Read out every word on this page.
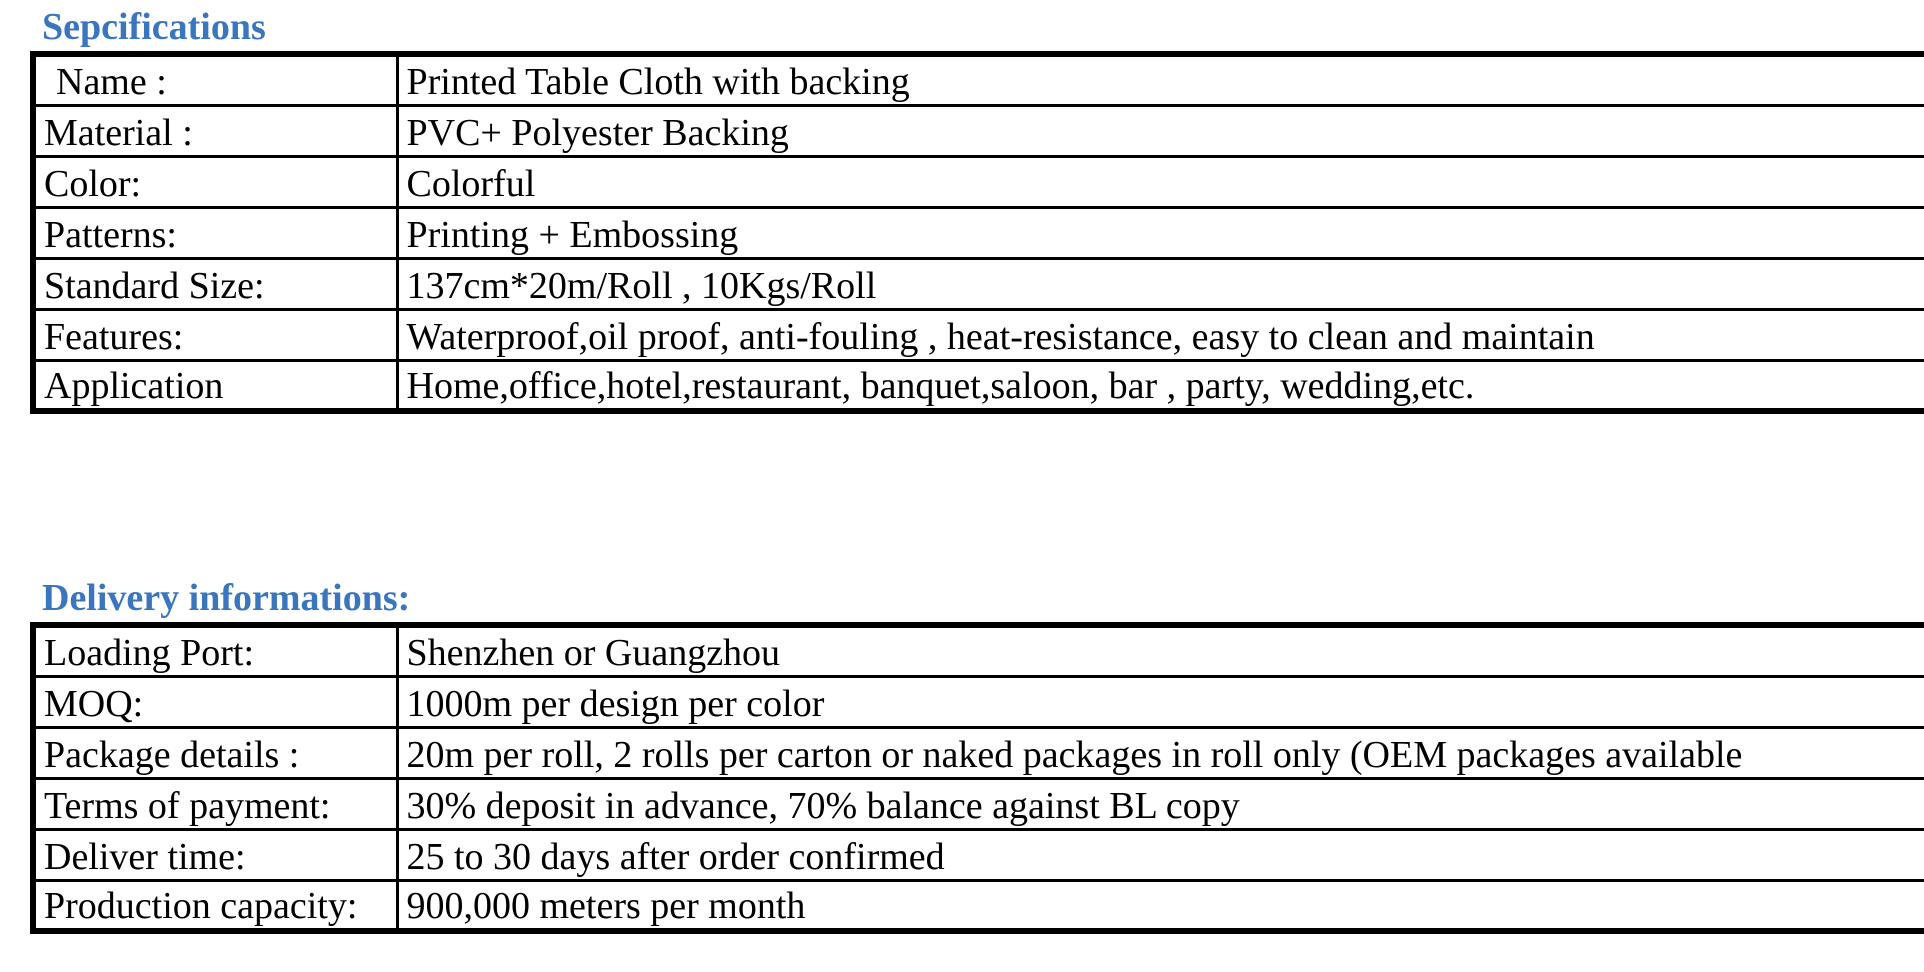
Sepcifications
Name :	Printed Table Cloth with backing
Material :	PVC+ Polyester Backing
Color:	Colorful
Patterns:	Printing + Embossing
Standard Size:	137cm*20m/Roll , 10Kgs/Roll
Features:	Waterproof,oil proof, anti-fouling , heat-resistance, easy to clean and maintain
Application	Home,office,hotel,restaurant, banquet,saloon, bar , party, wedding,etc.
Delivery informations:
Loading Port:	Shenzhen or Guangzhou
MOQ:	1000m per design per color
Package details :	20m per roll, 2 rolls per carton or naked packages in roll only (OEM packages available
Terms of payment:	30% deposit in advance, 70% balance against BL copy
Deliver time:	25 to 30 days after order confirmed
Production capacity:	900,000 meters per month
